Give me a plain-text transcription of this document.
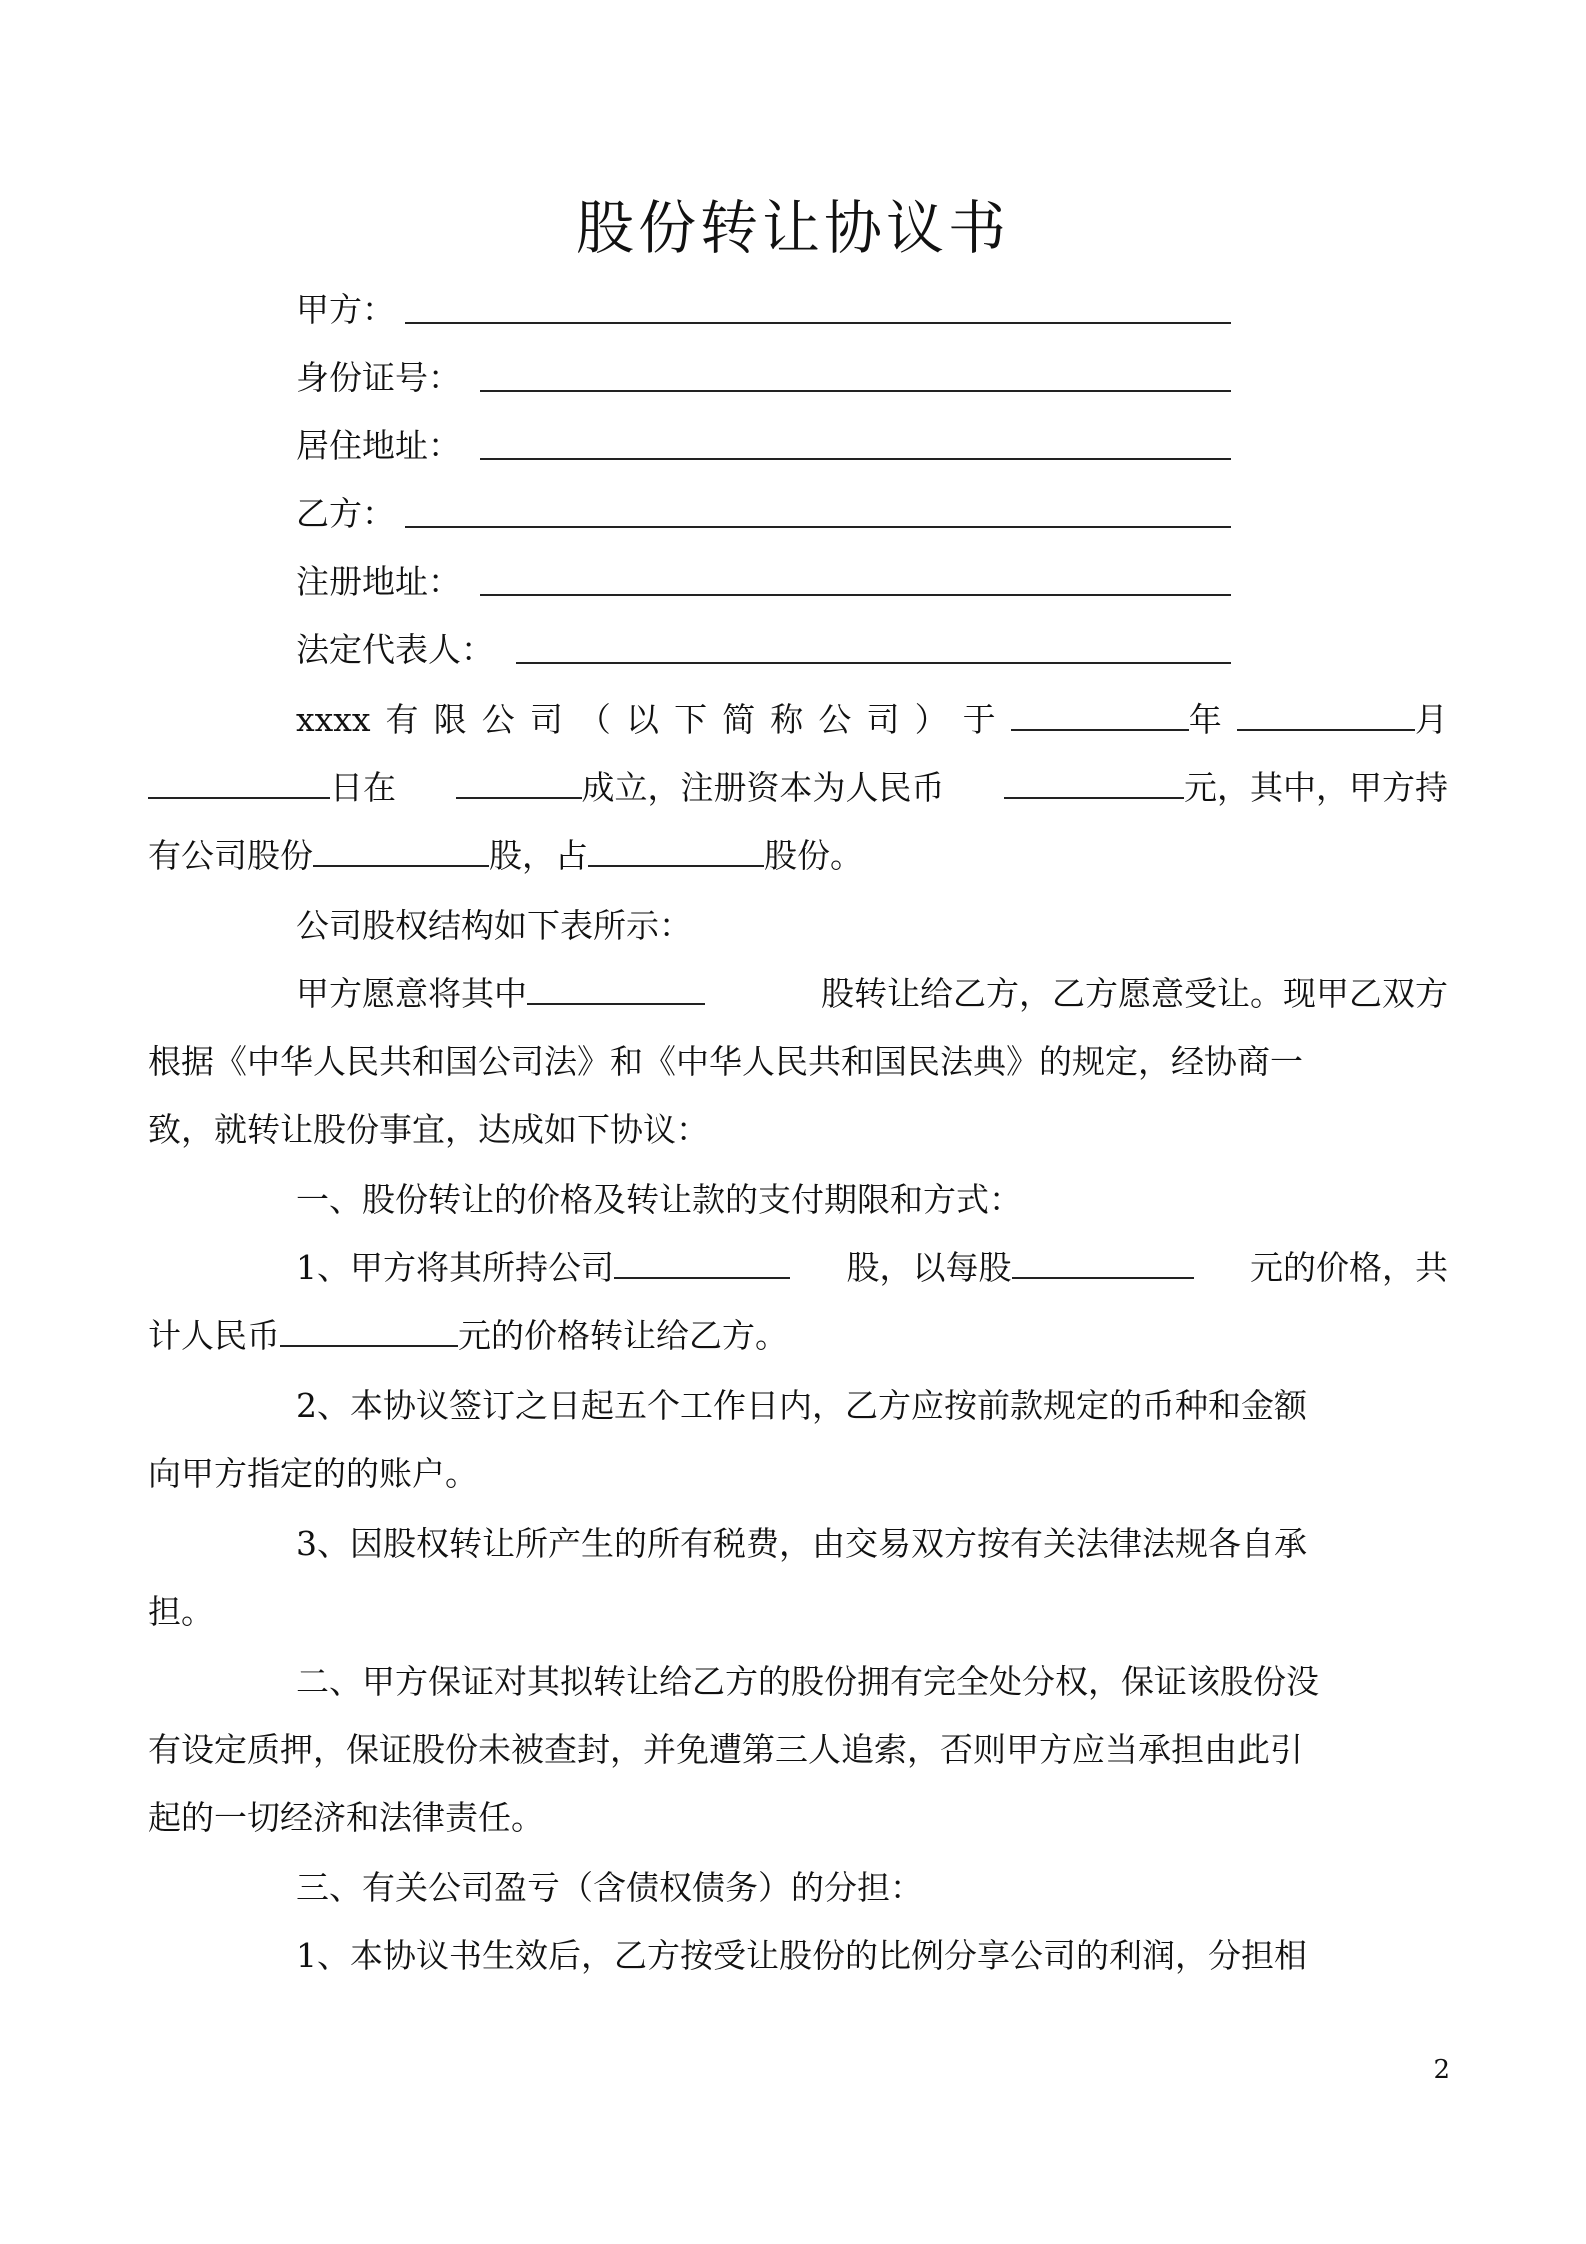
股份转让协议书
甲方：
身份证号：
居住地址：
乙方：
注册地址：
法定代表人：
xxxx 有 限 公 司 （ 以 下 简 称 公 司 ） 于	年	月
日在	成立，注册资本为人民币	元，其中，甲方持
有公司股份	股，占	股份。
公司股权结构如下表所示：
甲方愿意将其中	股转让给乙方，乙方愿意受让。现甲乙双方
根据《中华人民共和国公司法》和《中华人民共和国民法典》的规定，经协商一
致，就转让股份事宜，达成如下协议：
一、股份转让的价格及转让款的支付期限和方式：
1、甲方将其所持公司	股，以每股	元的价格，共
计人民币	元的价格转让给乙方。
2、本协议签订之日起五个工作日内，乙方应按前款规定的币种和金额
向甲方指定的的账户。
3、因股权转让所产生的所有税费，由交易双方按有关法律法规各自承
担。
二、甲方保证对其拟转让给乙方的股份拥有完全处分权，保证该股份没
有设定质押，保证股份未被查封，并免遭第三人追索，否则甲方应当承担由此引
起的一切经济和法律责任。
三、有关公司盈亏（含债权债务）的分担：
1、本协议书生效后，乙方按受让股份的比例分享公司的利润，分担相
2
